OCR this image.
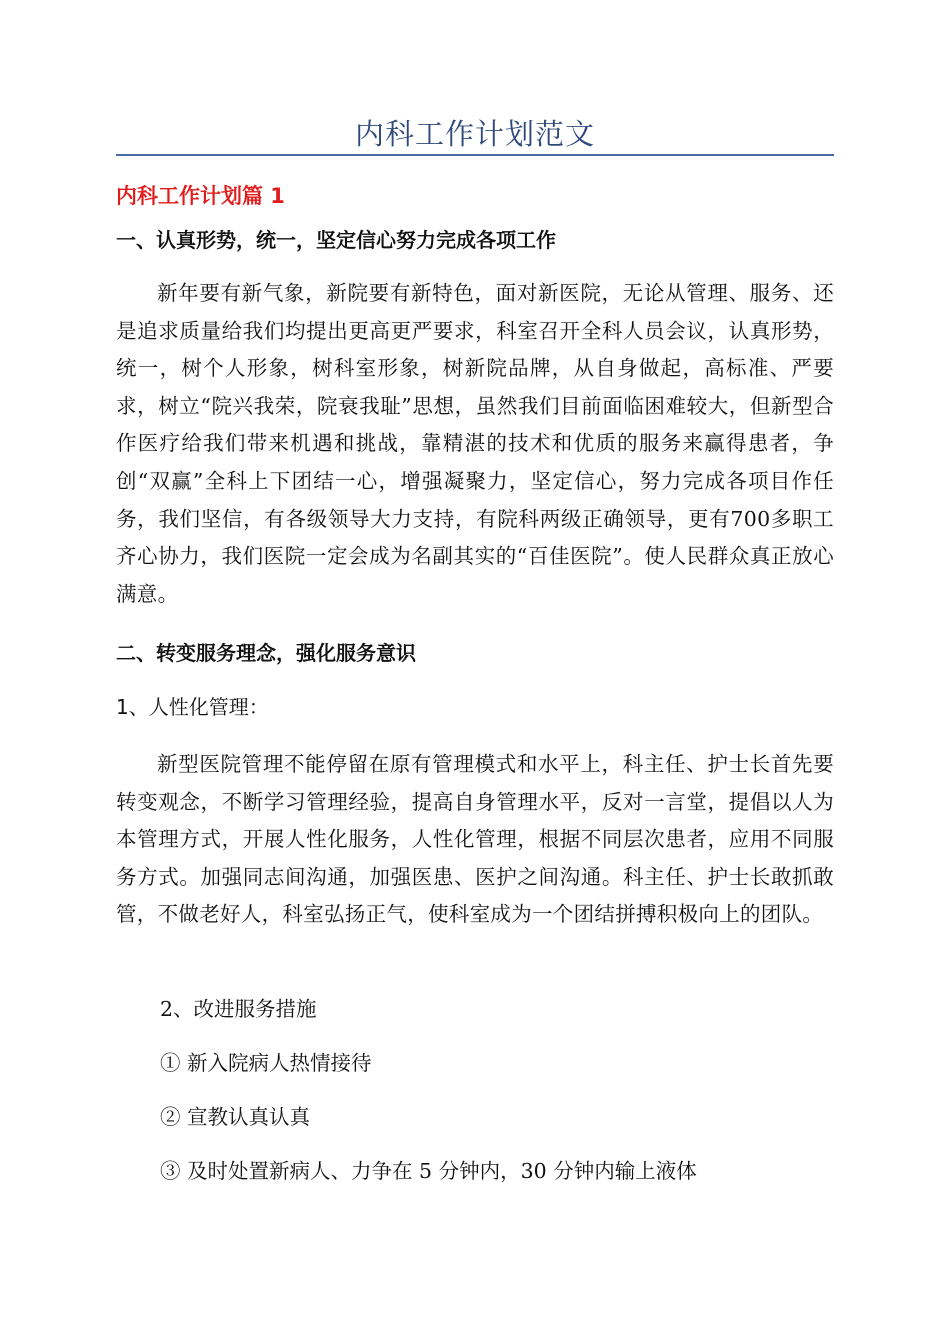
内科工作计划范文
内科工作计划篇 1
一、认真形势，统一，坚定信心努力完成各项工作

新年要有新气象，新院要有新特色，面对新医院，无论从管理、服务、还是追求质量给我们均提出更高更严要求，科室召开全科人员会议，认真形势，统一，树个人形象，树科室形象，树新院品牌，从自身做起，高标准、严要求，树立“院兴我荣，院衰我耻”思想，虽然我们目前面临困难较大，但新型合作医疗给我们带来机遇和挑战，靠精湛的技术和优质的服务来赢得患者，争创“双赢”全科上下团结一心，增强凝聚力，坚定信心，努力完成各项目作任务，我们坚信，有各级领导大力支持，有院科两级正确领导，更有700多职工齐心协力，我们医院一定会成为名副其实的“百佳医院”。使人民群众真正放心满意。

二、转变服务理念，强化服务意识
1、人性化管理：

新型医院管理不能停留在原有管理模式和水平上，科主任、护士长首先要转变观念，不断学习管理经验，提高自身管理水平，反对一言堂，提倡以人为本管理方式，开展人性化服务，人性化管理，根据不同层次患者，应用不同服务方式。加强同志间沟通，加强医患、医护之间沟通。科主任、护士长敢抓敢管，不做老好人，科室弘扬正气，使科室成为一个团结拼搏积极向上的团队。

2、改进服务措施
① 新入院病人热情接待
② 宣教认真认真
③ 及时处置新病人、力争在 5 分钟内，30 分钟内输上液体
